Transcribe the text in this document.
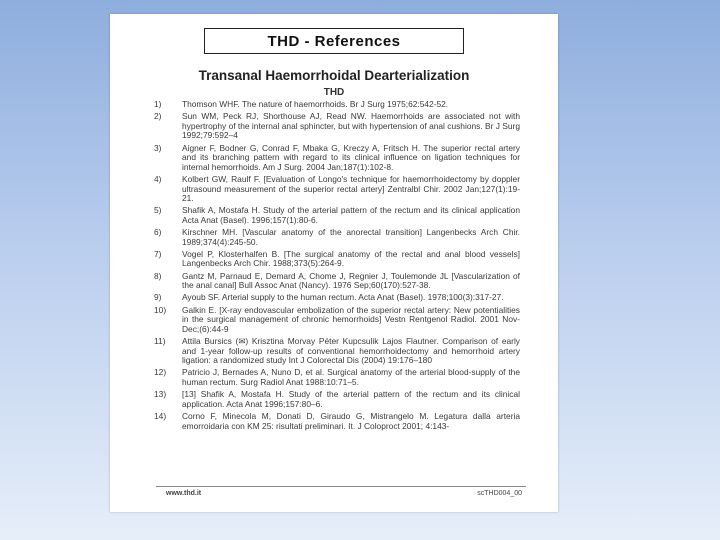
THD - References
Transanal Haemorrhoidal Dearterialization
THD
1) Thomson WHF. The nature of haemorrhoids. Br J Surg 1975;62:542-52.
2) Sun WM, Peck RJ, Shorthouse AJ, Read NW. Haemorrhoids are associated not with hypertrophy of the internal anal sphincter, but with hypertension of anal cushions. Br J Surg 1992;79:592–4
3) Aigner F, Bodner G, Conrad F, Mbaka G, Kreczy A, Fritsch H. The superior rectal artery and its branching pattern with regard to its clinical influence on ligation techniques for internal hemorrhoids. Am J Surg. 2004 Jan;187(1):102-8.
4) Kolbert GW, Raulf F. [Evaluation of Longo's technique for haemorrhoidectomy by doppler ultrasound measurement of the superior rectal artery] Zentralbl Chir. 2002 Jan;127(1):19-21.
5) Shafik A, Mostafa H. Study of the arterial pattern of the rectum and its clinical application Acta Anat (Basel). 1996;157(1):80-6.
6) Kirschner MH. [Vascular anatomy of the anorectal transition] Langenbecks Arch Chir. 1989;374(4):245-50.
7) Vogel P, Klosterhalfen B. [The surgical anatomy of the rectal and anal blood vessels] Langenbecks Arch Chir. 1988;373(5):264-9.
8) Gantz M, Parnaud E, Demard A, Chome J, Regnier J, Toulemonde JL [Vascularization of the anal canal] Bull Assoc Anat (Nancy). 1976 Sep;60(170):527-38.
9) Ayoub SF. Arterial supply to the human rectum. Acta Anat (Basel). 1978;100(3):317-27.
10) Galkin E. [X-ray endovascular embolization of the superior rectal artery: New potentialities in the surgical management of chronic hemorrhoids] Vestn Rentgenol Radiol. 2001 Nov-Dec;(6):44-9
11) Attila Bursics (✉) Krisztina Morvay Péter Kupcsulik Lajos Flautner. Comparison of early and 1-year follow-up results of conventional hemorrhoidectomy and hemorrhoid artery ligation: a randomized study Int J Colorectal Dis (2004) 19:176–180
12) Patricio J, Bernades A, Nuno D, et al. Surgical anatomy of the arterial blood-supply of the human rectum. Surg Radiol Anat 1988:10:71–5.
13) [13] Shafik A, Mostafa H. Study of the arterial pattern of the rectum and its clinical application. Acta Anat 1996;157:80–6.
14) Corno F, Minecola M, Donati D, Giraudo G, Mistrangelo M. Legatura dalla arteria emorroidaria con KM 25: risultati preliminari. It. J Coloproct 2001; 4:143-
www.thd.it	scTHD004_00
